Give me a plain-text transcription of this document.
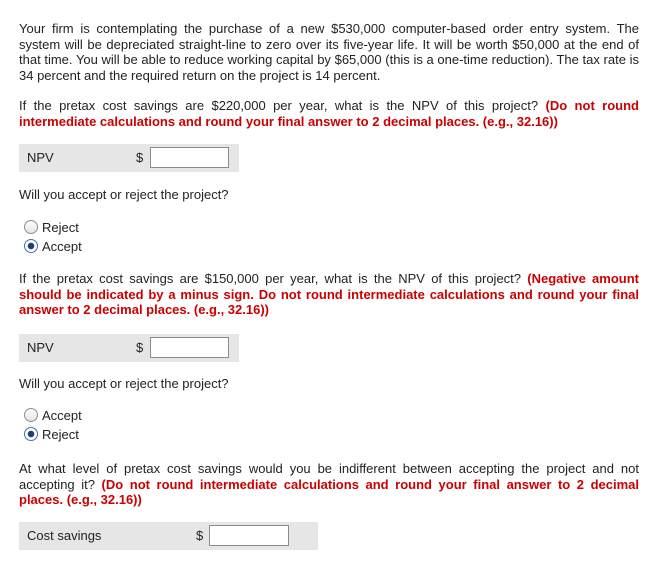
Your firm is contemplating the purchase of a new $530,000 computer-based order entry system. The system will be depreciated straight-line to zero over its five-year life. It will be worth $50,000 at the end of that time. You will be able to reduce working capital by $65,000 (this is a one-time reduction). The tax rate is 34 percent and the required return on the project is 14 percent.

If the pretax cost savings are $220,000 per year, what is the NPV of this project? (Do not round intermediate calculations and round your final answer to 2 decimal places. (e.g., 32.16))

NPV	$
Will you accept or reject the project?
Reject
Accept

If the pretax cost savings are $150,000 per year, what is the NPV of this project? (Negative amount should be indicated by a minus sign. Do not round intermediate calculations and round your final answer to 2 decimal places. (e.g., 32.16))

NPV	$
Will you accept or reject the project?
Accept
Reject

At what level of pretax cost savings would you be indifferent between accepting the project and not accepting it? (Do not round intermediate calculations and round your final answer to 2 decimal places. (e.g., 32.16))

Cost savings	$
